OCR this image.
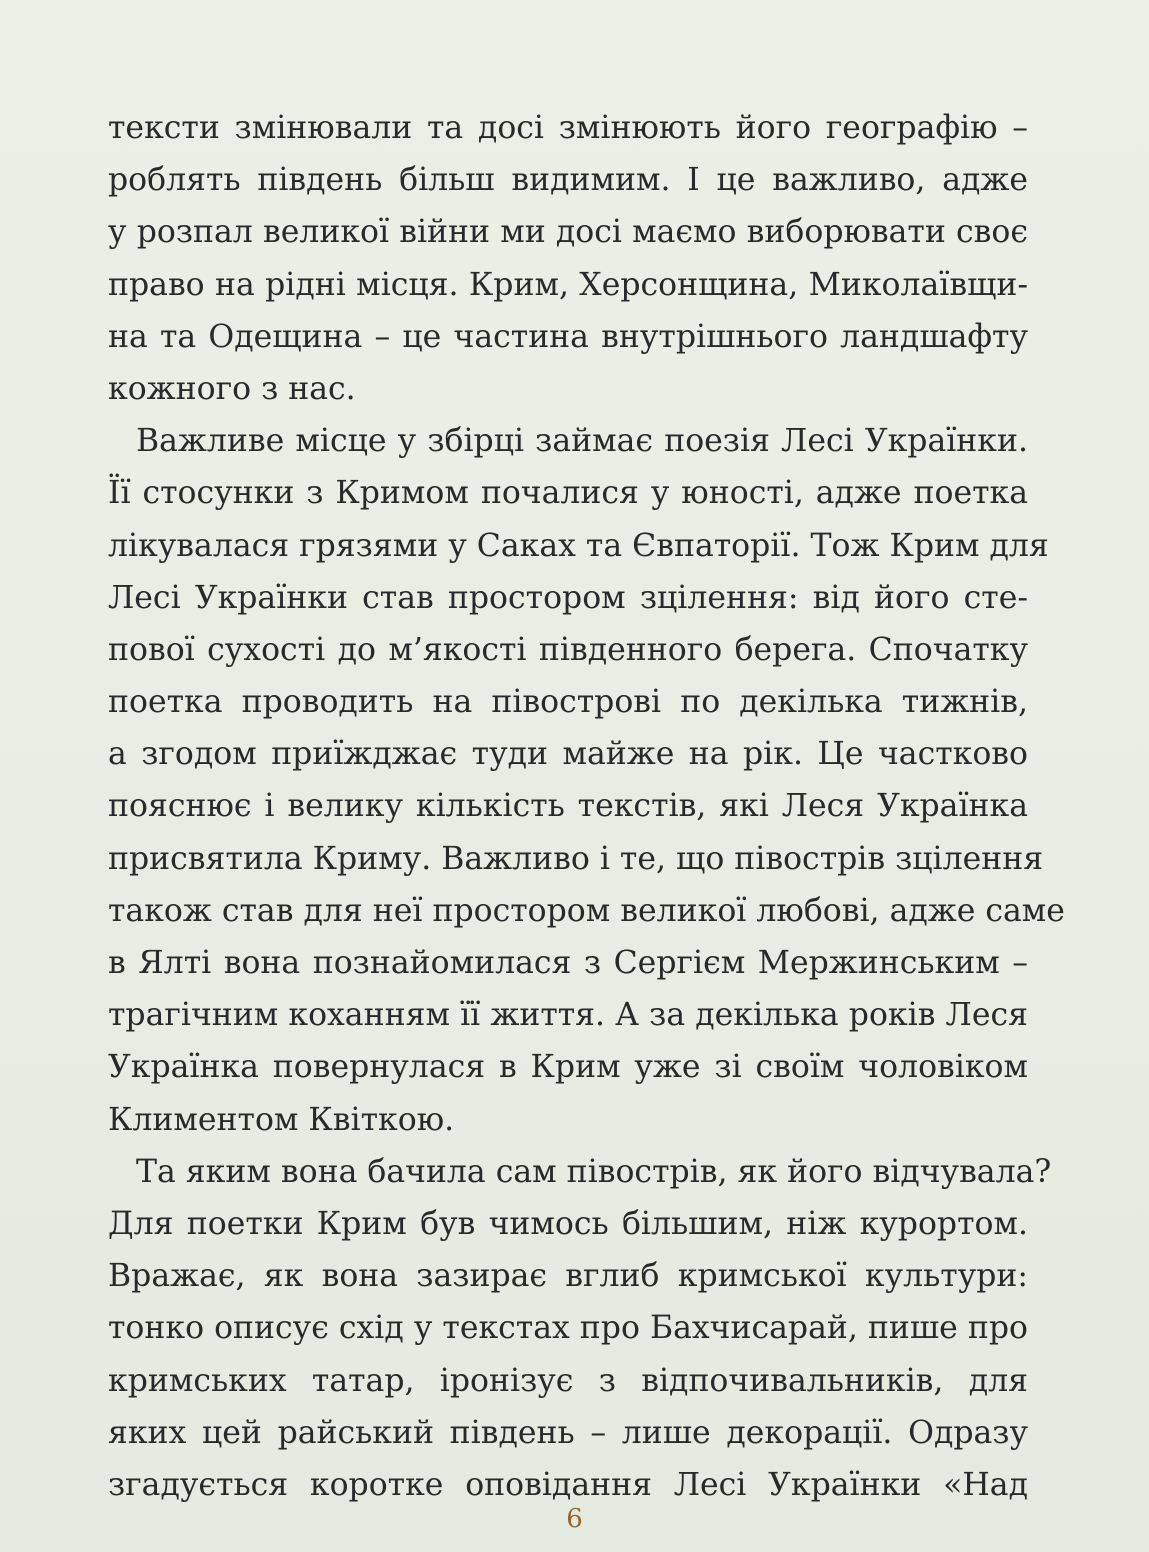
тексти змінювали та досі змінюють його географію –
роблять південь більш видимим. І це важливо, адже
у розпал великої війни ми досі маємо виборювати своє
право на рідні місця. Крим, Херсонщина, Миколаївщи-
на та Одещина – це частина внутрішнього ландшафту
кожного з нас.
Важливе місце у збірці займає поезія Лесі Українки.
Її стосунки з Кримом почалися у юності, адже поетка
лікувалася грязями у Саках та Євпаторії. Тож Крим для
Лесі Українки став простором зцілення: від його сте-
пової сухості до м’якості південного берега. Спочатку
поетка проводить на півострові по декілька тижнів,
а згодом приїжджає туди майже на рік. Це частково
пояснює і велику кількість текстів, які Леся Українка
присвятила Криму. Важливо і те, що півострів зцілення
також став для неї простором великої любові, адже саме
в Ялті вона познайомилася з Сергієм Мержинським –
трагічним коханням її життя. А за декілька років Леся
Українка повернулася в Крим уже зі своїм чоловіком
Климентом Квіткою.
Та яким вона бачила сам півострів, як його відчувала?
Для поетки Крим був чимось більшим, ніж курортом.
Вражає, як вона зазирає вглиб кримської культури:
тонко описує схід у текстах про Бахчисарай, пише про
кримських татар, іронізує з відпочивальників, для
яких цей райський південь – лише декорації. Одразу
згадується коротке оповідання Лесі Українки «Над
6
